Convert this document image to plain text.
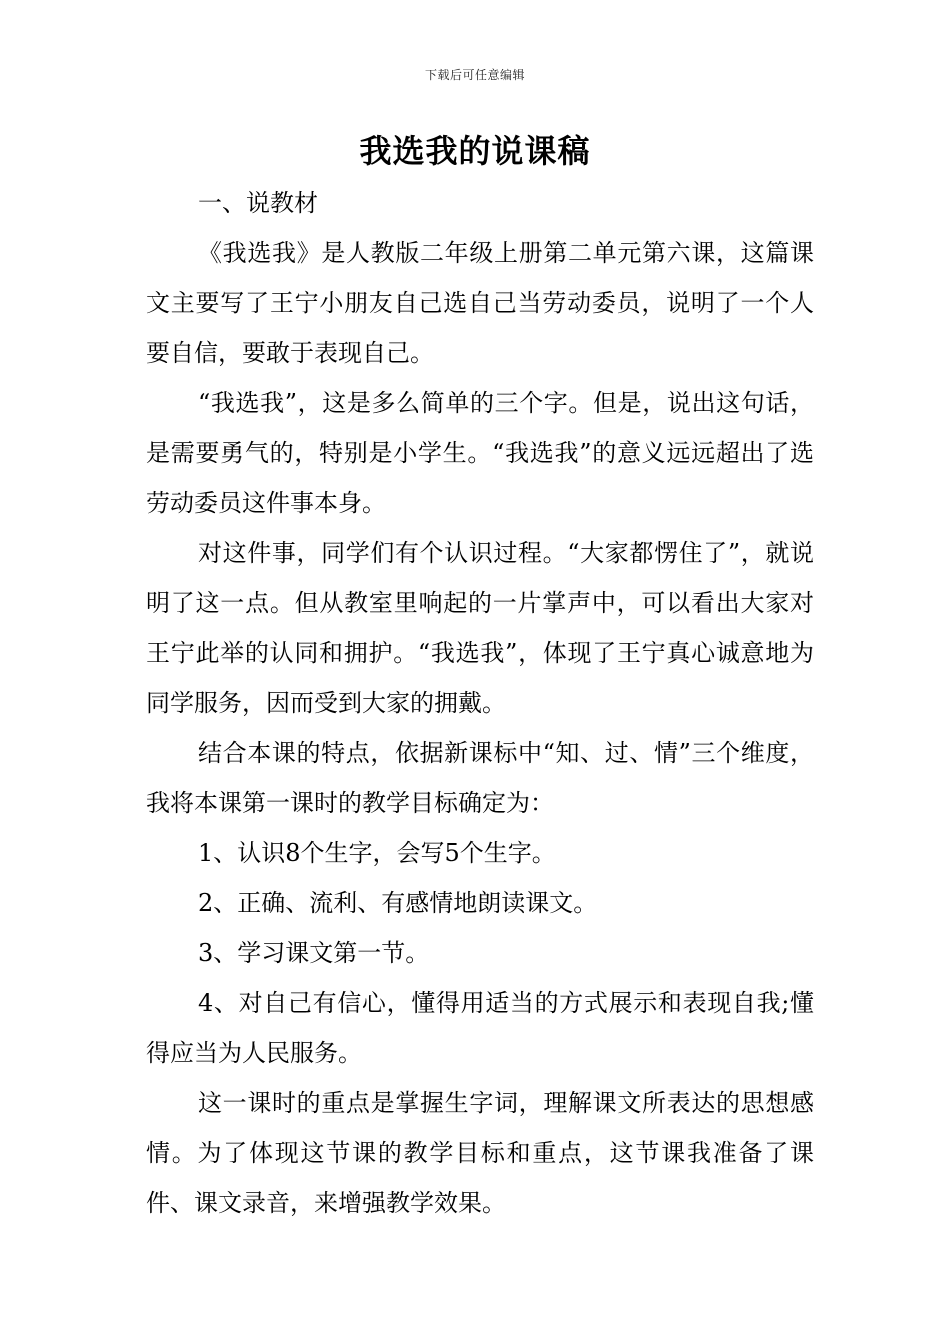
下载后可任意编辑
我选我的说课稿

一、说教材

《我选我》是人教版二年级上册第二单元第六课，这篇课文主要写了王宁小朋友自己选自己当劳动委员，说明了一个人要自信，要敢于表现自己。

“我选我”，这是多么简单的三个字。但是，说出这句话，是需要勇气的，特别是小学生。“我选我”的意义远远超出了选劳动委员这件事本身。

对这件事，同学们有个认识过程。“大家都愣住了”，就说明了这一点。但从教室里响起的一片掌声中，可以看出大家对王宁此举的认同和拥护。“我选我”，体现了王宁真心诚意地为同学服务，因而受到大家的拥戴。

结合本课的特点，依据新课标中“知、过、情”三个维度，我将本课第一课时的教学目标确定为：

1、认识8个生字，会写5个生字。

2、正确、流利、有感情地朗读课文。

3、学习课文第一节。

4、对自己有信心，懂得用适当的方式展示和表现自我;懂得应当为人民服务。

这一课时的重点是掌握生字词，理解课文所表达的思想感情。为了体现这节课的教学目标和重点，这节课我准备了课件、课文录音，来增强教学效果。
